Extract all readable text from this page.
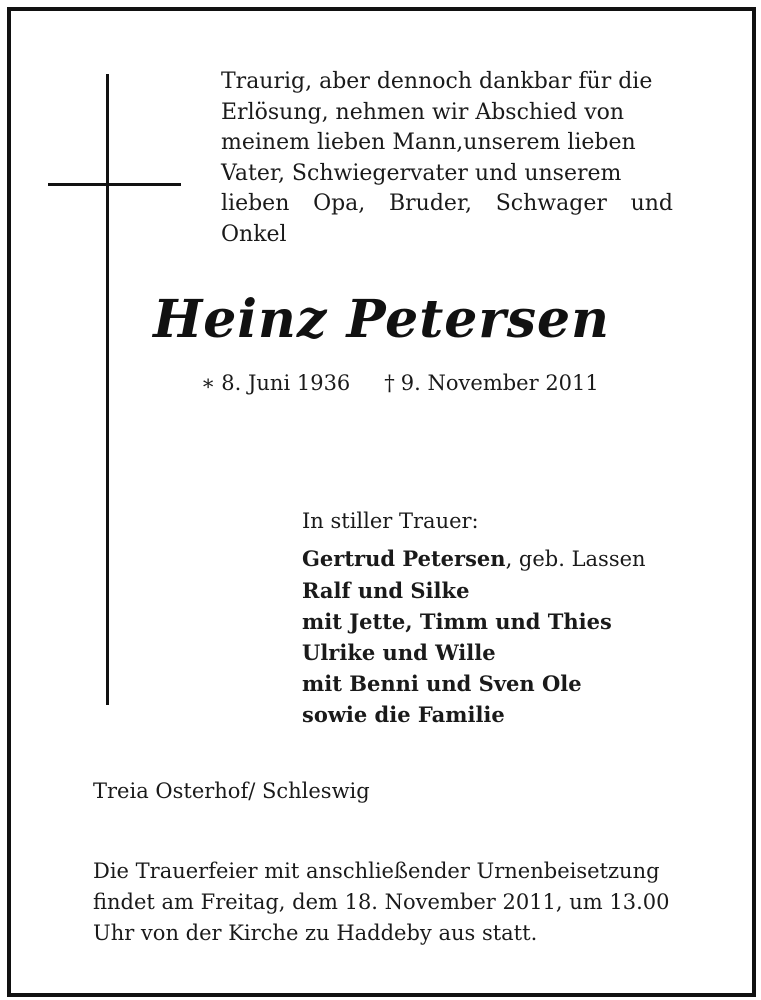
Traurig, aber dennoch dankbar für die

Erlösung, nehmen wir Abschied von

meinem lieben Mann,unserem lieben

Vater, Schwiegervater und unserem

lieben Opa, Bruder, Schwager und Onkel

Heinz Petersen
∗ 8. Juni 1936 † 9. November 2011
In stiller Trauer:
Gertrud Petersen, geb. Lassen
Ralf und Silke
mit Jette, Timm und Thies
Ulrike und Wille
mit Benni und Sven Ole
sowie die Familie
Treia Osterhof/ Schleswig
Die Trauerfeier mit anschließender Urnenbeisetzung
findet am Freitag, dem 18. November 2011, um 13.00
Uhr von der Kirche zu Haddeby aus statt.
